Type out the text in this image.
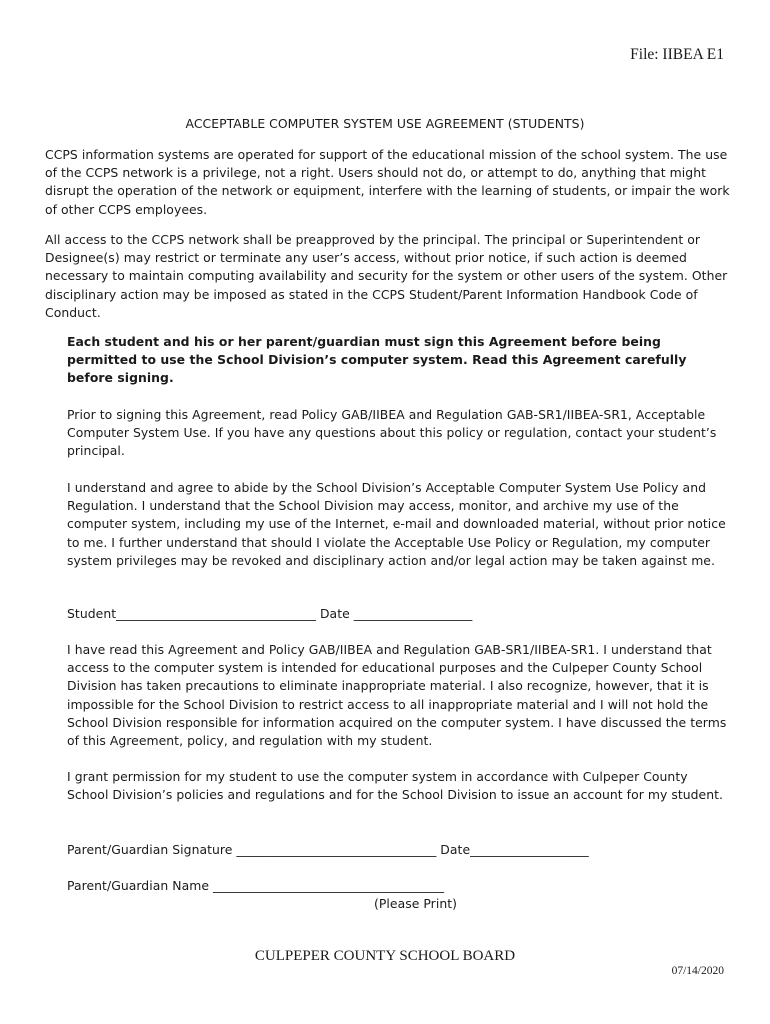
File: IIBEA E1
ACCEPTABLE COMPUTER SYSTEM USE AGREEMENT (STUDENTS)

CCPS information systems are operated for support of the educational mission of the school system. The use of the CCPS network is a privilege, not a right. Users should not do, or attempt to do, anything that might disrupt the operation of the network or equipment, interfere with the learning of students, or impair the work of other CCPS employees.

All access to the CCPS network shall be preapproved by the principal. The principal or Superintendent or Designee(s) may restrict or terminate any user’s access, without prior notice, if such action is deemed necessary to maintain computing availability and security for the system or other users of the system. Other disciplinary action may be imposed as stated in the CCPS Student/Parent Information Handbook Code of Conduct.

Each student and his or her parent/guardian must sign this Agreement before being permitted to use the School Division’s computer system. Read this Agreement carefully before signing.

Prior to signing this Agreement, read Policy GAB/IIBEA and Regulation GAB-SR1/IIBEA-SR1, Acceptable Computer System Use. If you have any questions about this policy or regulation, contact your student’s principal.

I understand and agree to abide by the School Division’s Acceptable Computer System Use Policy and Regulation. I understand that the School Division may access, monitor, and archive my use of the computer system, including my use of the Internet, e-mail and downloaded material, without prior notice to me. I further understand that should I violate the Acceptable Use Policy or Regulation, my computer system privileges may be revoked and disciplinary action and/or legal action may be taken against me.

Student________________________________ Date ___________________

I have read this Agreement and Policy GAB/IIBEA and Regulation GAB-SR1/IIBEA-SR1. I understand that access to the computer system is intended for educational purposes and the Culpeper County School Division has taken precautions to eliminate inappropriate material. I also recognize, however, that it is impossible for the School Division to restrict access to all inappropriate material and I will not hold the School Division responsible for information acquired on the computer system. I have discussed the terms of this Agreement, policy, and regulation with my student.

I grant permission for my student to use the computer system in accordance with Culpeper County School Division’s policies and regulations and for the School Division to issue an account for my student.

Parent/Guardian Signature ________________________________ Date___________________
Parent/Guardian Name _____________________________________
(Please Print)
CULPEPER COUNTY SCHOOL BOARD
07/14/2020
